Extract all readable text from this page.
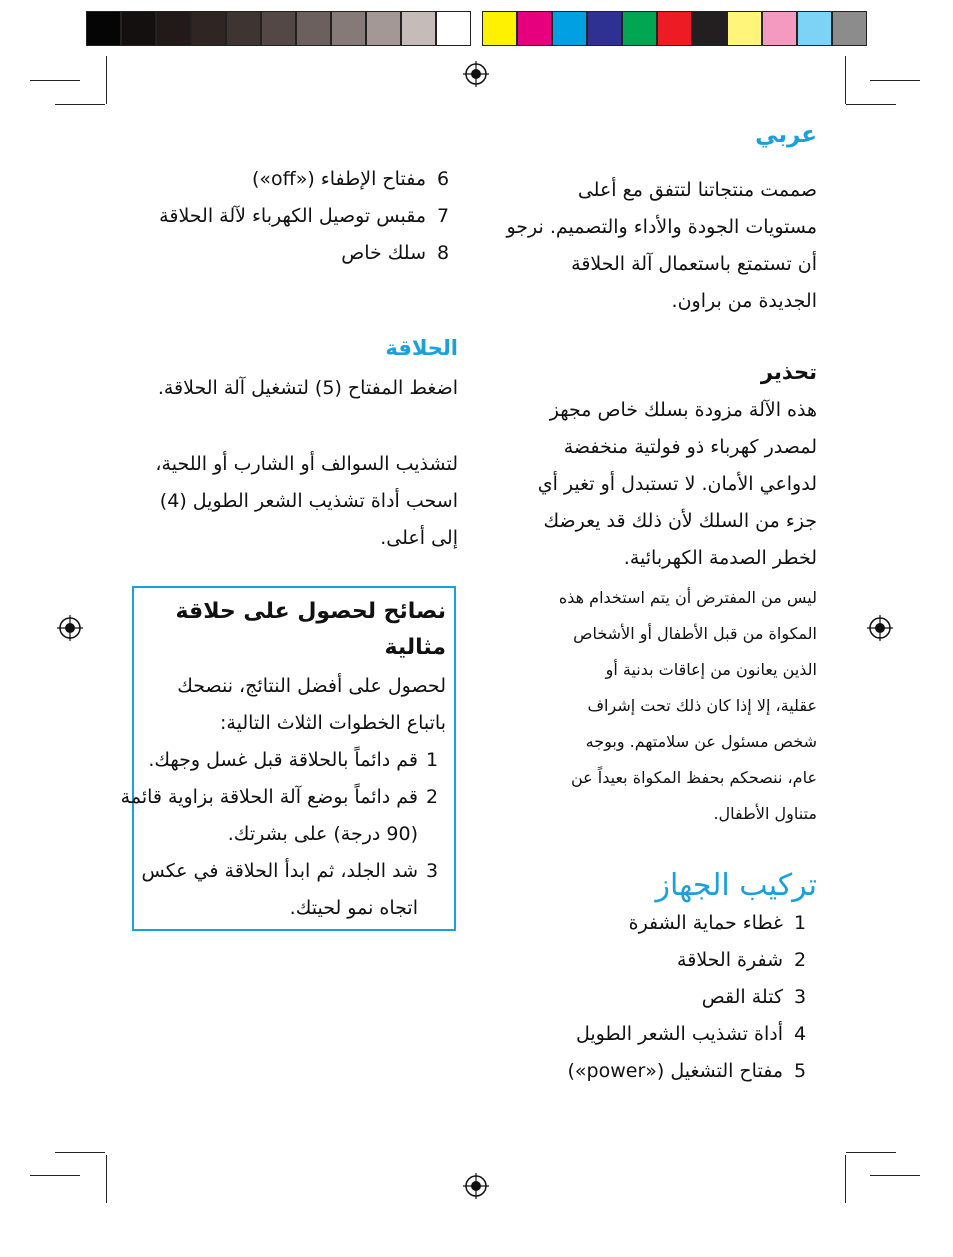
عربي
صممت منتجاتنا لتتفق مع أعلى
مستويات الجودة والأداء والتصميم. نرجو
أن تستمتع باستعمال آلة الحلاقة
الجديدة من براون.
تحذير
هذه الآلة مزودة بسلك خاص مجهز
لمصدر كهرباء ذو فولتية منخفضة
لدواعي الأمان. لا تستبدل أو تغير أي
جزء من السلك لأن ذلك قد يعرضك
لخطر الصدمة الكهربائية.
ليس من المفترض أن يتم استخدام هذه
المكواة من قبل الأطفال أو الأشخاص
الذين يعانون من إعاقات بدنية أو
عقلية، إلا إذا كان ذلك تحت إشراف
شخص مسئول عن سلامتهم. وبوجه
عام، ننصحكم بحفظ المكواة بعيداً عن
متناول الأطفال.
تركيب الجهاز
1
غطاء حماية الشفرة
2
شفرة الحلاقة
3
كتلة القص
4
أداة تشذيب الشعر الطويل
5
مفتاح التشغيل («power»)
6
مفتاح الإطفاء («off»)
7
مقبس توصيل الكهرباء لآلة الحلاقة
8
سلك خاص
الحلاقة
اضغط المفتاح (5) لتشغيل آلة الحلاقة.
لتشذيب السوالف أو الشارب أو اللحية،
اسحب أداة تشذيب الشعر الطويل (4)
إلى أعلى.
نصائح لحصول على حلاقة
مثالية
لحصول على أفضل النتائج، ننصحك
باتباع الخطوات الثلاث التالية:
1
قم دائماً بالحلاقة قبل غسل وجهك.
2
قم دائماً بوضع آلة الحلاقة بزاوية قائمة
(90 درجة) على بشرتك.
3
شد الجلد، ثم ابدأ الحلاقة في عكس
اتجاه نمو لحيتك.
